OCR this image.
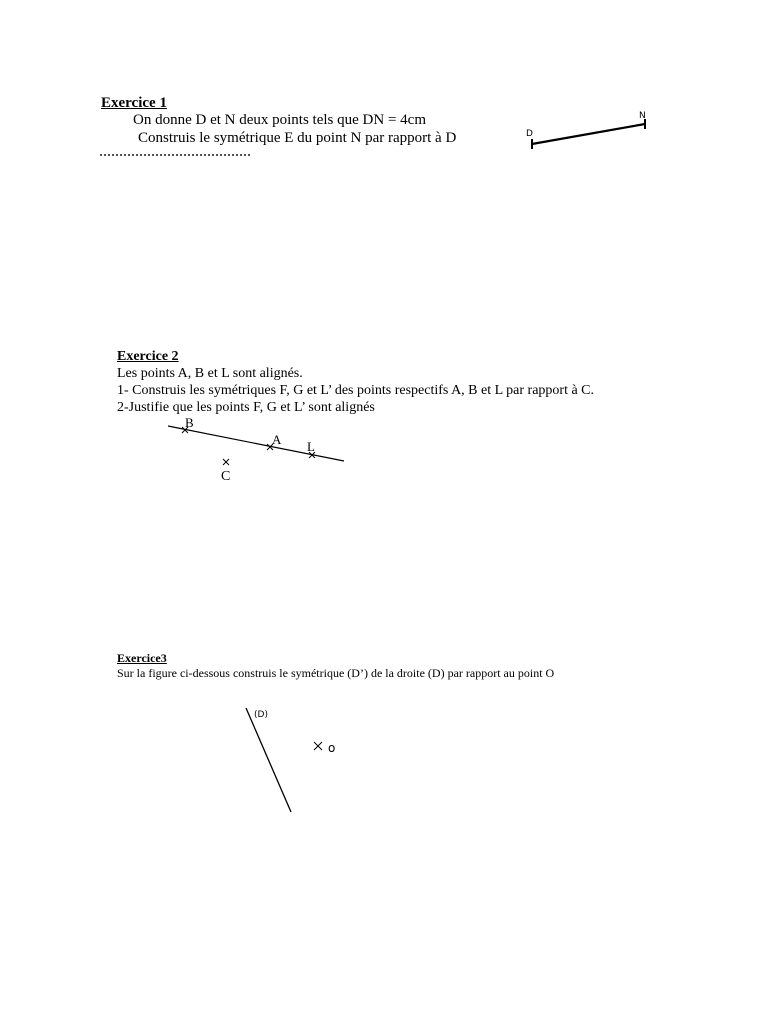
Exercice 1
On donne D et N deux points tels que DN = 4cm
Construis le symétrique E du point N par rapport à D
Exercice 2
Les points A, B et L sont alignés.
1- Construis les symétriques F, G et L’ des points respectifs A, B et L par rapport à C.
2-Justifie que les points F, G et L’ sont alignés
Exercice3
Sur la figure ci-dessous construis le symétrique (D’) de la droite (D) par rapport au point O
D
N
B
A L
C
(D)
o
